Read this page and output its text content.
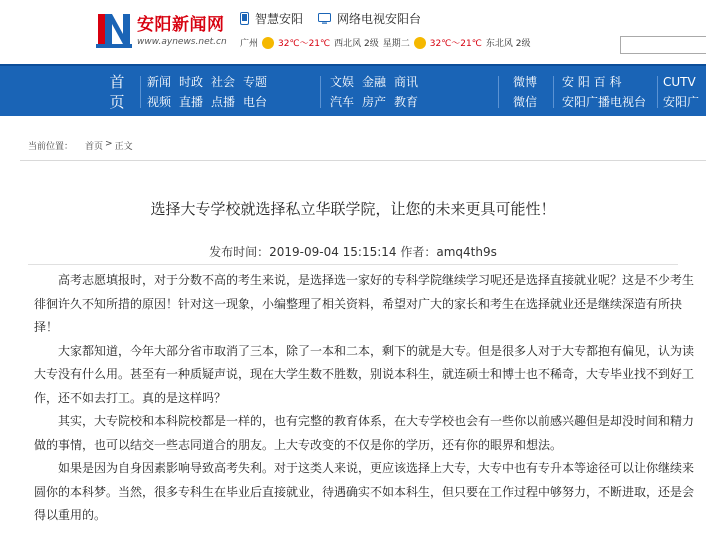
安阳新闻网
www.aynews.net.cn
智慧安阳	网络电视安阳台
广州 32℃～21℃ 西北风 2级 星期二 32℃～21℃ 东北风 2级
首页
新闻 时政 社会 专题
视频 直播 点播 电台
文娱 金融 商讯
汽车 房产 教育
微博
微信
安 阳 百 科
安阳广播电视台
CUTV
安阳广
当前位置： 首页 > 正文
选择大专学校就选择私立华联学院，让您的未来更具可能性！
发布时间：2019-09-04 15:15:14 作者：amq4th9s

高考志愿填报时，对于分数不高的考生来说，是选择选一家好的专科学院继续学习呢还是选择直接就业呢？这是不少考生徘徊许久不知所措的原因！针对这一现象，小编整理了相关资料，希望对广大的家长和考生在选择就业还是继续深造有所抉择！

大家都知道，今年大部分省市取消了三本，除了一本和二本，剩下的就是大专。但是很多人对于大专都抱有偏见，认为读大专没有什么用。甚至有一种质疑声说，现在大学生数不胜数，别说本科生，就连硕士和博士也不稀奇，大专毕业找不到好工作，还不如去打工。真的是这样吗？

其实，大专院校和本科院校都是一样的，也有完整的教育体系，在大专学校也会有一些你以前感兴趣但是却没时间和精力做的事情，也可以结交一些志同道合的朋友。上大专改变的不仅是你的学历，还有你的眼界和想法。

如果是因为自身因素影响导致高考失利。对于这类人来说，更应该选择上大专，大专中也有专升本等途径可以让你继续来圆你的本科梦。当然，很多专科生在毕业后直接就业，待遇确实不如本科生，但只要在工作过程中够努力，不断进取，还是会得以重用的。
